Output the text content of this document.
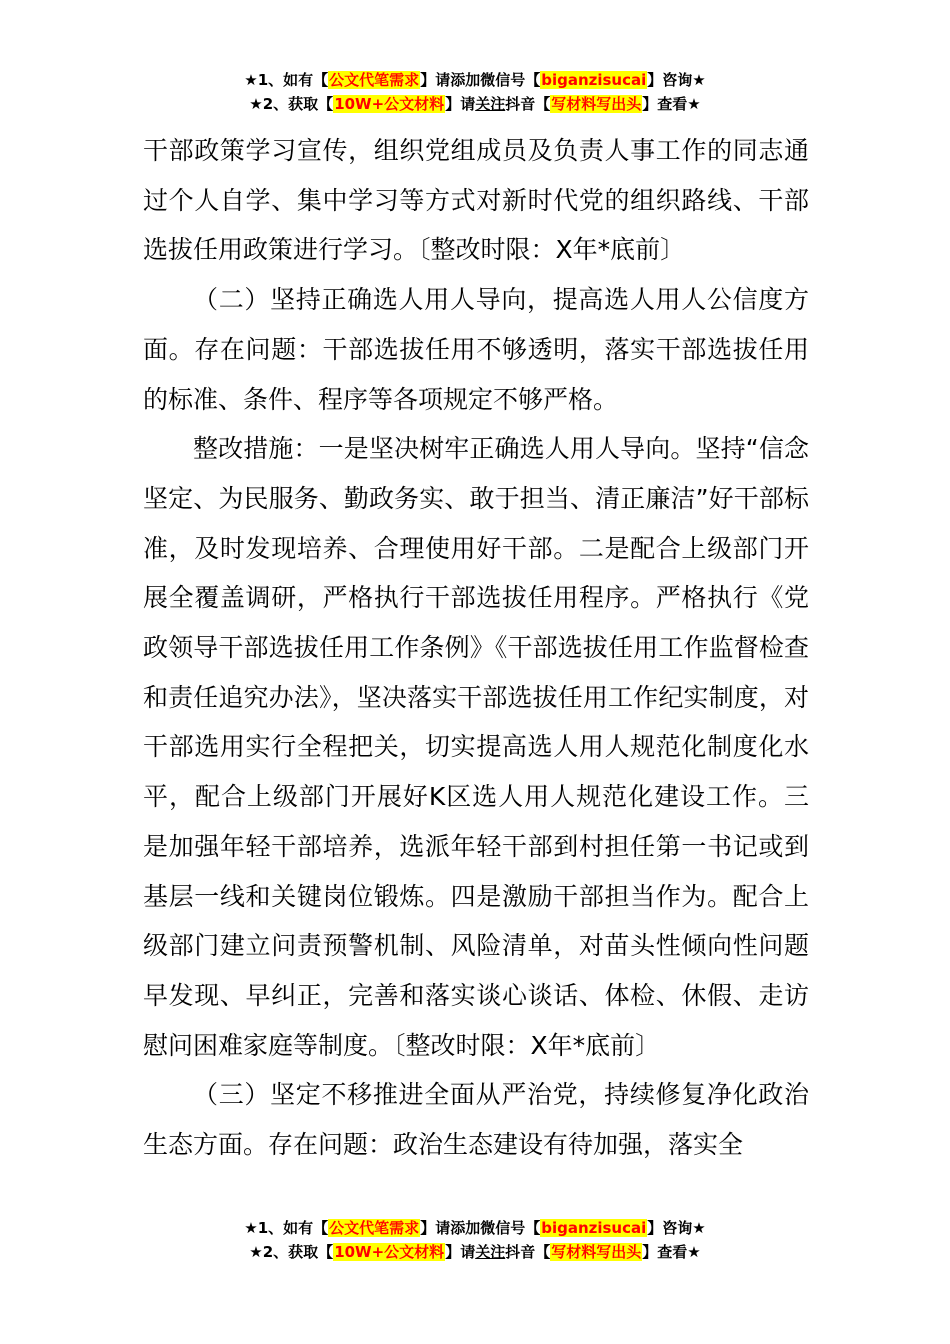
★1、如有【公文代笔需求】请添加微信号【biganzisucai】咨询★
★2、获取【10W+公文材料】请关注抖音【写材料写出头】查看★

干部政策学习宣传，组织党组成员及负责人事工作的同志通过个人自学、集中学习等方式对新时代党的组织路线、干部选拔任用政策进行学习。〔整改时限：X年*底前〕

（二）坚持正确选人用人导向，提高选人用人公信度方面。存在问题：干部选拔任用不够透明，落实干部选拔任用的标准、条件、程序等各项规定不够严格。

整改措施：一是坚决树牢正确选人用人导向。坚持“信念坚定、为民服务、勤政务实、敢于担当、清正廉洁”好干部标准，及时发现培养、合理使用好干部。二是配合上级部门开展全覆盖调研，严格执行干部选拔任用程序。严格执行《党政领导干部选拔任用工作条例》《干部选拔任用工作监督检查和责任追究办法》，坚决落实干部选拔任用工作纪实制度，对干部选用实行全程把关，切实提高选人用人规范化制度化水平，配合上级部门开展好K区选人用人规范化建设工作。三是加强年轻干部培养，选派年轻干部到村担任第一书记或到基层一线和关键岗位锻炼。四是激励干部担当作为。配合上级部门建立问责预警机制、风险清单，对苗头性倾向性问题早发现、早纠正，完善和落实谈心谈话、体检、休假、走访慰问困难家庭等制度。〔整改时限：X年*底前〕

（三）坚定不移推进全面从严治党，持续修复净化政治生态方面。存在问题：政治生态建设有待加强，落实全

★1、如有【公文代笔需求】请添加微信号【biganzisucai】咨询★
★2、获取【10W+公文材料】请关注抖音【写材料写出头】查看★
